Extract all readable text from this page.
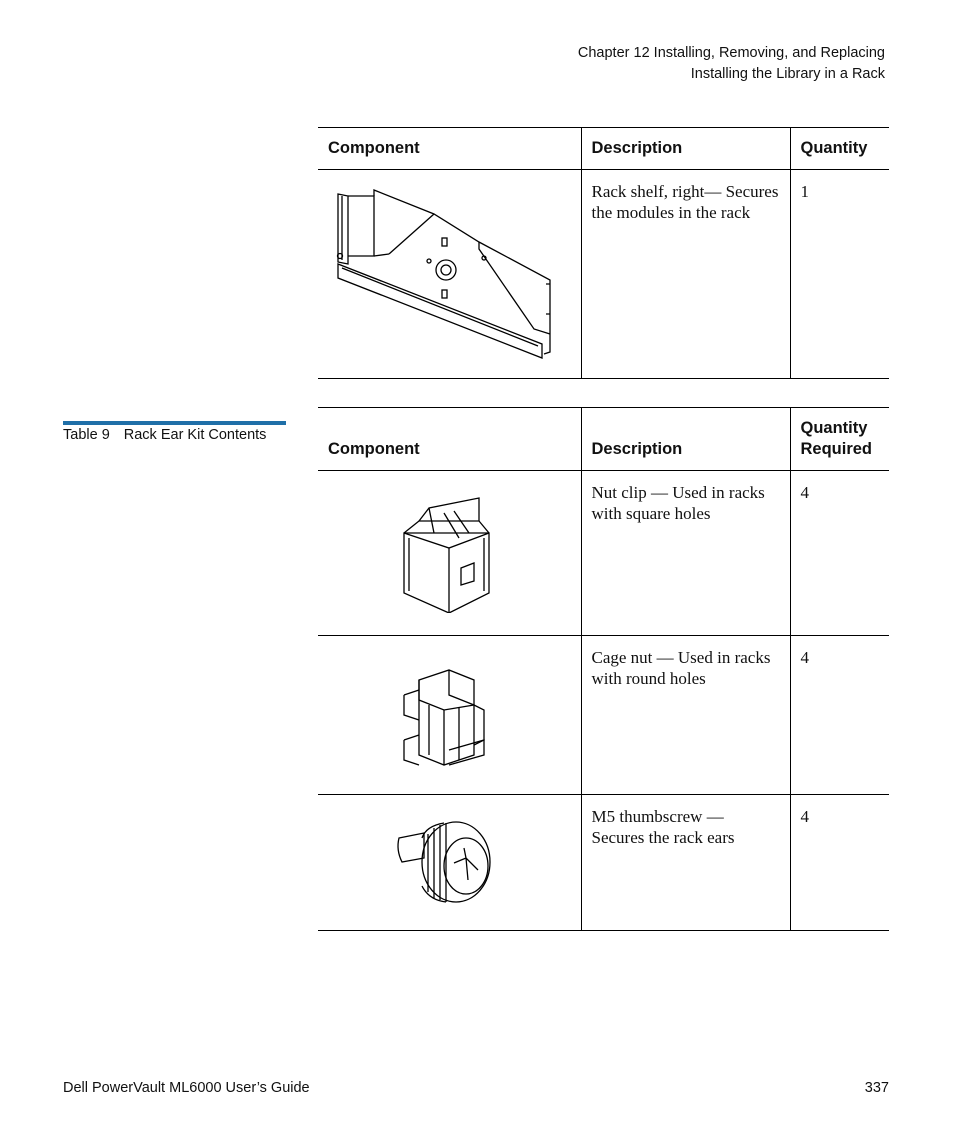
Chapter 12 Installing, Removing, and Replacing
Installing the Library in a Rack
Component	Description	Quantity

	Rack shelf, right— Secures the modules in the rack	1
Table 9 Rack Ear Kit Contents
Component	Description	Quantity Required

	Nut clip — Used in racks with square holes	4

	Cage nut — Used in racks with round holes	4

	M5 thumbscrew — Secures the rack ears	4
Dell PowerVault ML6000 User’s Guide	337
